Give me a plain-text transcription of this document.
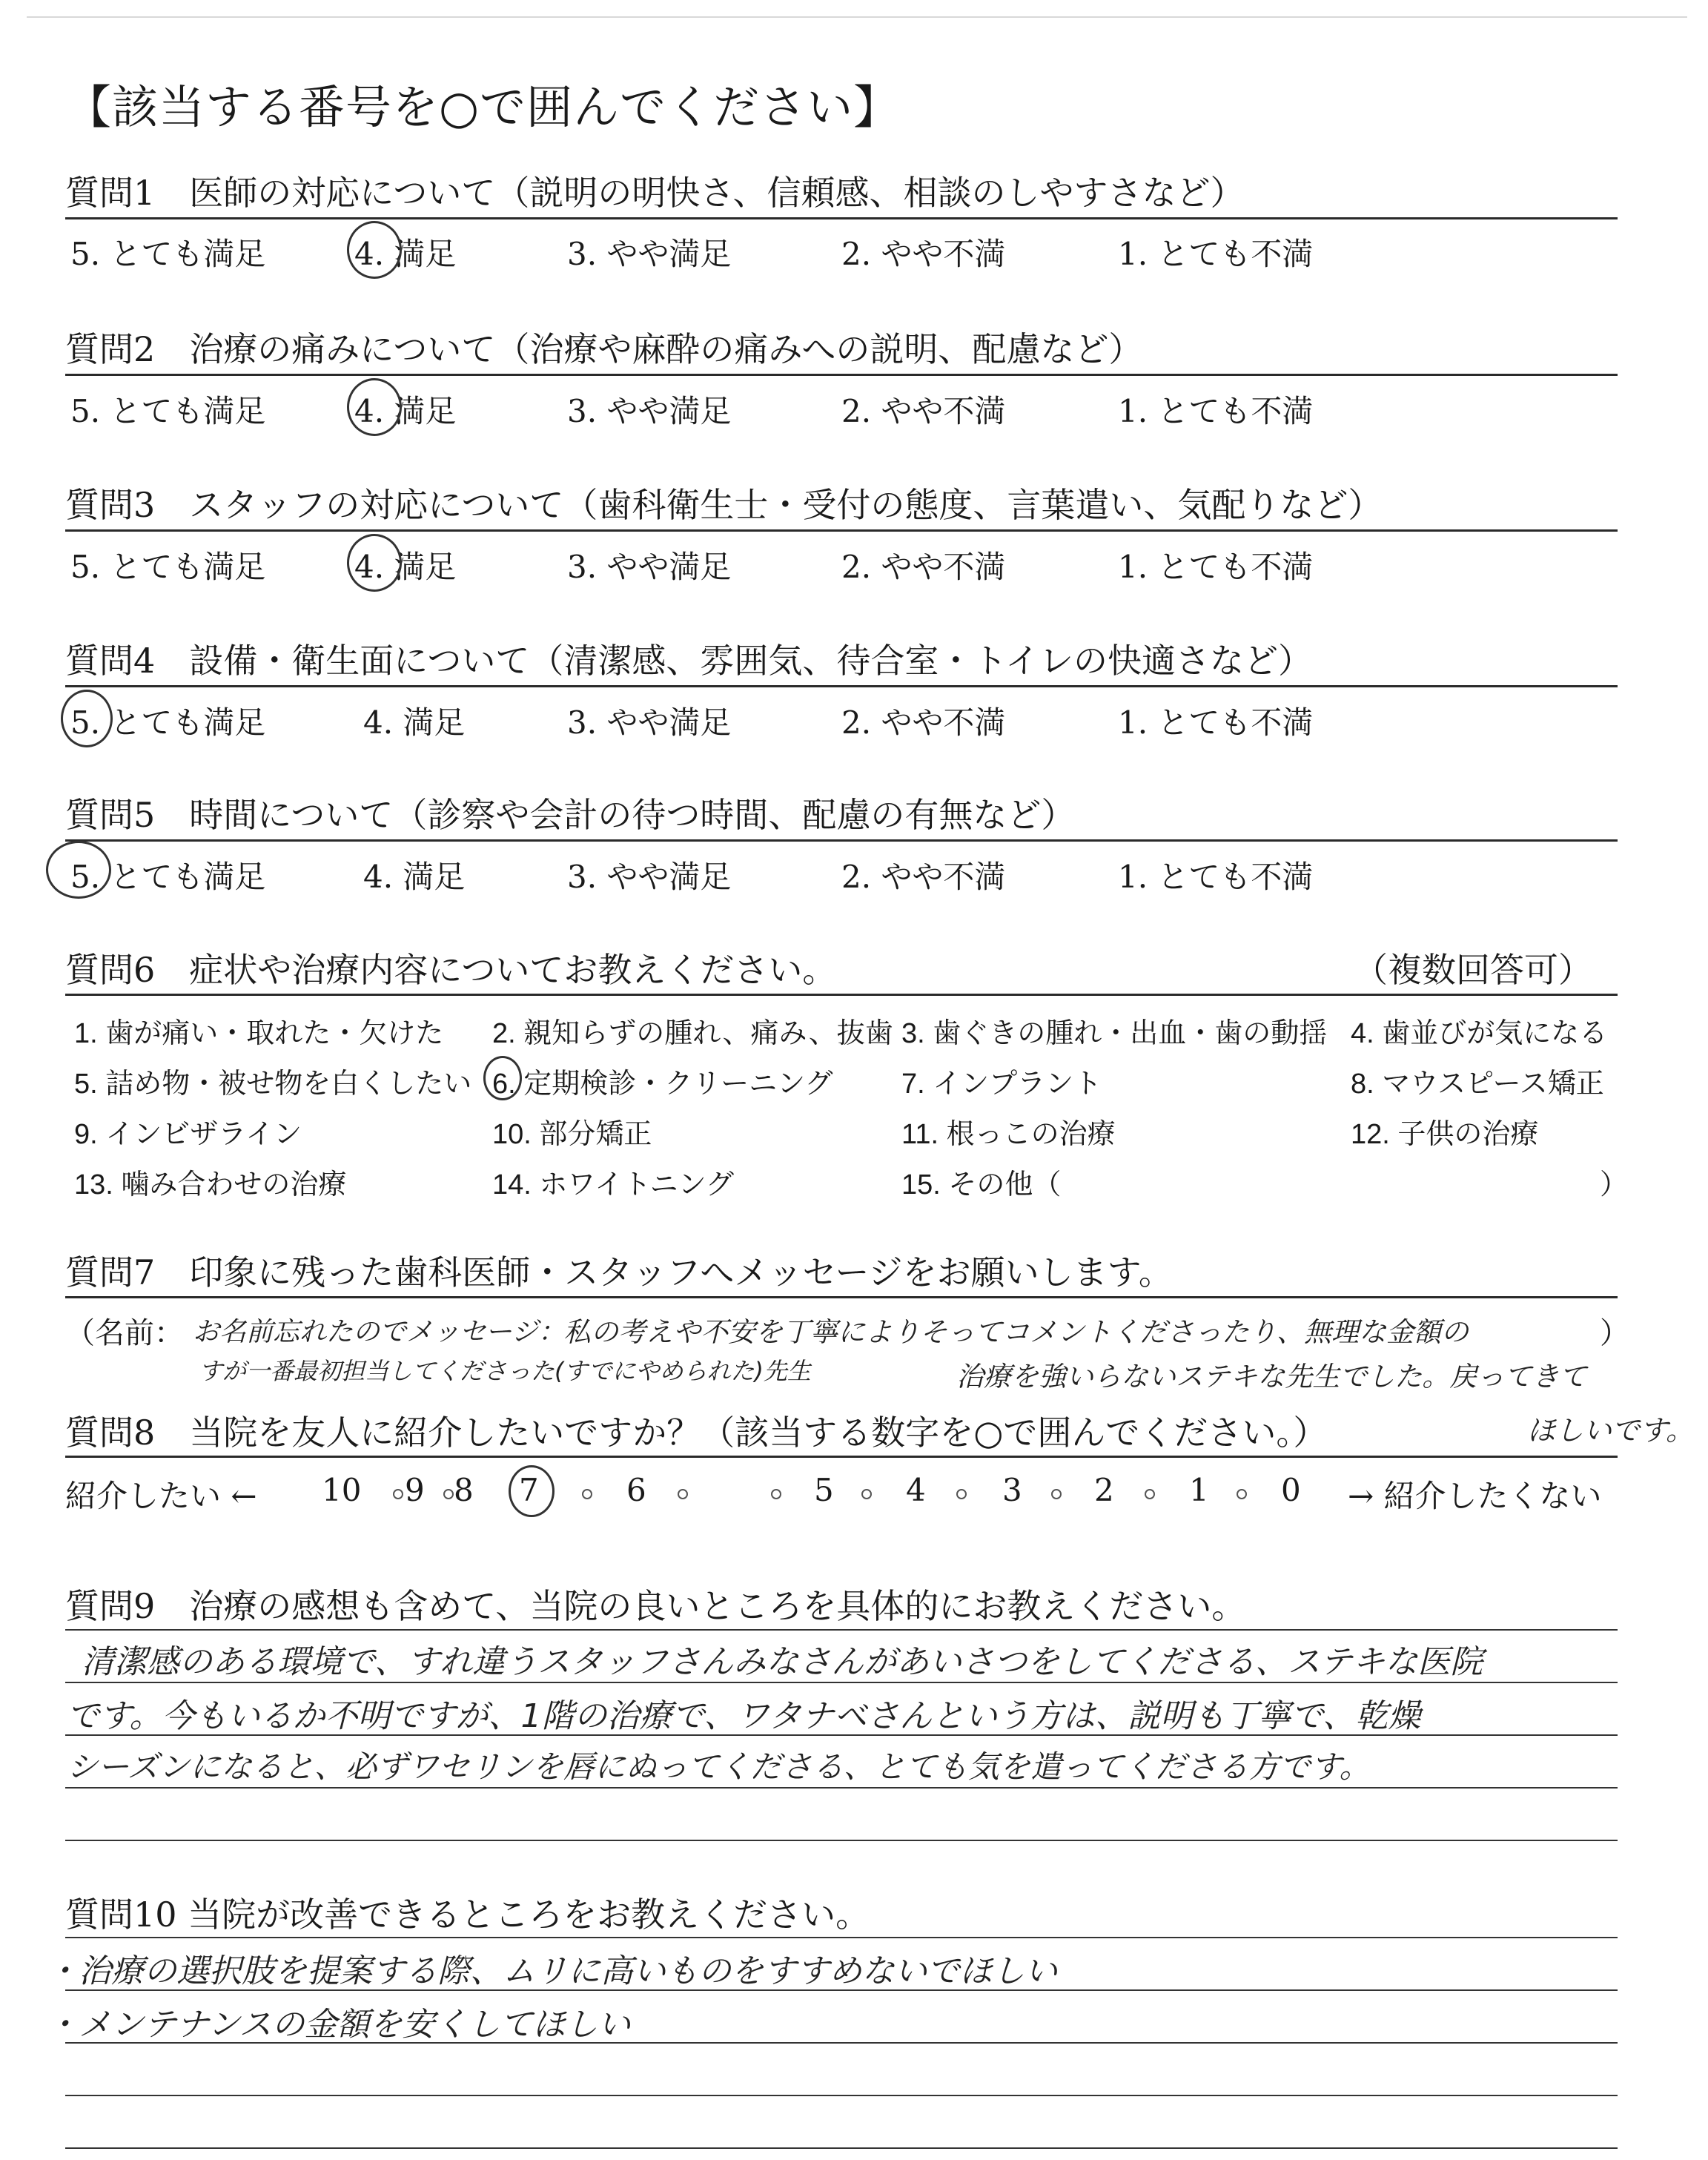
【該当する番号を○で囲んでください】
質問1　医師の対応について（説明の明快さ、信頼感、相談のしやすさなど）
5. とても満足	4. 満足	3. やや満足	2. やや不満	1. とても不満
質問2　治療の痛みについて（治療や麻酔の痛みへの説明、配慮など）
5. とても満足	4. 満足	3. やや満足	2. やや不満	1. とても不満
質問3　スタッフの対応について（歯科衛生士・受付の態度、言葉遣い、気配りなど）
5. とても満足	4. 満足	3. やや満足	2. やや不満	1. とても不満
質問4　設備・衛生面について（清潔感、雰囲気、待合室・トイレの快適さなど）
5. とても満足	4. 満足	3. やや満足	2. やや不満	1. とても不満
質問5　時間について（診察や会計の待つ時間、配慮の有無など）
5. とても満足	4. 満足	3. やや満足	2. やや不満	1. とても不満
質問6　症状や治療内容についてお教えください。	（複数回答可）
1. 歯が痛い・取れた・欠けた 2. 親知らずの腫れ、痛み、抜歯 3. 歯ぐきの腫れ・出血・歯の動揺 4. 歯並びが気になる
5. 詰め物・被せ物を白くしたい 6. 定期検診・クリーニング 7. インプラント	8. マウスピース矯正
9. インビザライン	10. 部分矯正	11. 根っこの治療	12. 子供の治療
13. 噛み合わせの治療	14. ホワイトニング	15. その他（	）
質問7　印象に残った歯科医師・スタッフへメッセージをお願いします。
（名前： お名前忘れたのでメッセージ：
私の考えや不安を丁寧によりそってコメントくださったり、無理な金額の	）
すが一番最初担当してくださった(すでにやめられた)先生	治療を強いらないステキな先生でした。戻ってきて
質問8　当院を友人に紹介したいですか？（該当する数字を○で囲んでください。）	ほしいです。
紹介したい ← 10 9 8 7	6	5 4 3 2 1 0 → 紹介したくない
質問9　治療の感想も含めて、当院の良いところを具体的にお教えください。
清潔感のある環境で、すれ違うスタッフさんみなさんがあいさつをしてくださる、ステキな医院
です。今もいるか不明ですが、1階の治療で、ワタナベさんという方は、説明も丁寧で、乾燥
シーズンになると、必ずワセリンを唇にぬってくださる、とても気を遣ってくださる方です。
質問10 当院が改善できるところをお教えください。
・治療の選択肢を提案する際、ムリに高いものをすすめないでほしい
・メンテナンスの金額を安くしてほしい
